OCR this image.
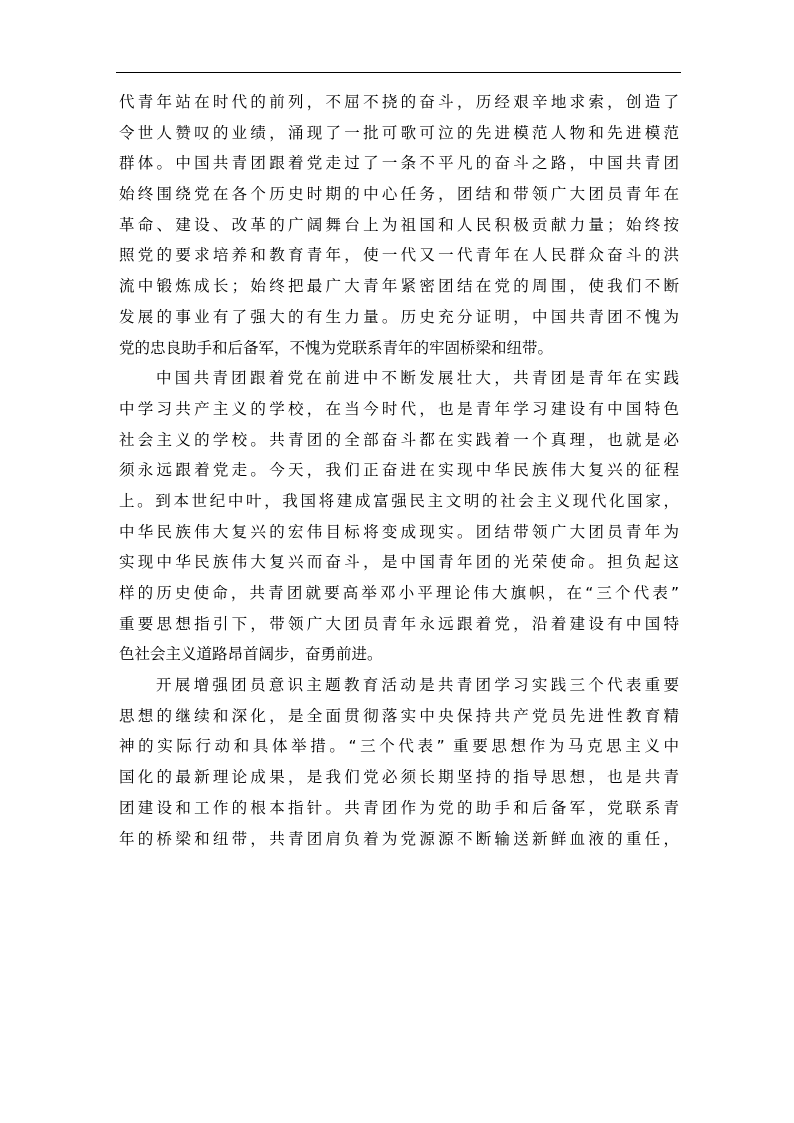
代青年站在时代的前列，不屈不挠的奋斗，历经艰辛地求索，创造了
令世人赞叹的业绩，涌现了一批可歌可泣的先进模范人物和先进模范
群体。中国共青团跟着党走过了一条不平凡的奋斗之路，中国共青团
始终围绕党在各个历史时期的中心任务，团结和带领广大团员青年在
革命、建设、改革的广阔舞台上为祖国和人民积极贡献力量；始终按
照党的要求培养和教育青年，使一代又一代青年在人民群众奋斗的洪
流中锻炼成长；始终把最广大青年紧密团结在党的周围，使我们不断
发展的事业有了强大的有生力量。历史充分证明，中国共青团不愧为
党的忠良助手和后备军，不愧为党联系青年的牢固桥梁和纽带。
中国共青团跟着党在前进中不断发展壮大，共青团是青年在实践
中学习共产主义的学校，在当今时代，也是青年学习建设有中国特色
社会主义的学校。共青团的全部奋斗都在实践着一个真理，也就是必
须永远跟着党走。今天，我们正奋进在实现中华民族伟大复兴的征程
上。到本世纪中叶，我国将建成富强民主文明的社会主义现代化国家，
中华民族伟大复兴的宏伟目标将变成现实。团结带领广大团员青年为
实现中华民族伟大复兴而奋斗，是中国青年团的光荣使命。担负起这
样的历史使命，共青团就要高举邓小平理论伟大旗帜，在“三个代表”
重要思想指引下，带领广大团员青年永远跟着党，沿着建设有中国特
色社会主义道路昂首阔步，奋勇前进。
开展增强团员意识主题教育活动是共青团学习实践三个代表重要
思想的继续和深化，是全面贯彻落实中央保持共产党员先进性教育精
神的实际行动和具体举措。“三个代表” 重要思想作为马克思主义中
国化的最新理论成果，是我们党必须长期坚持的指导思想，也是共青
团建设和工作的根本指针。共青团作为党的助手和后备军，党联系青
年的桥梁和纽带，共青团肩负着为党源源不断输送新鲜血液的重任，
